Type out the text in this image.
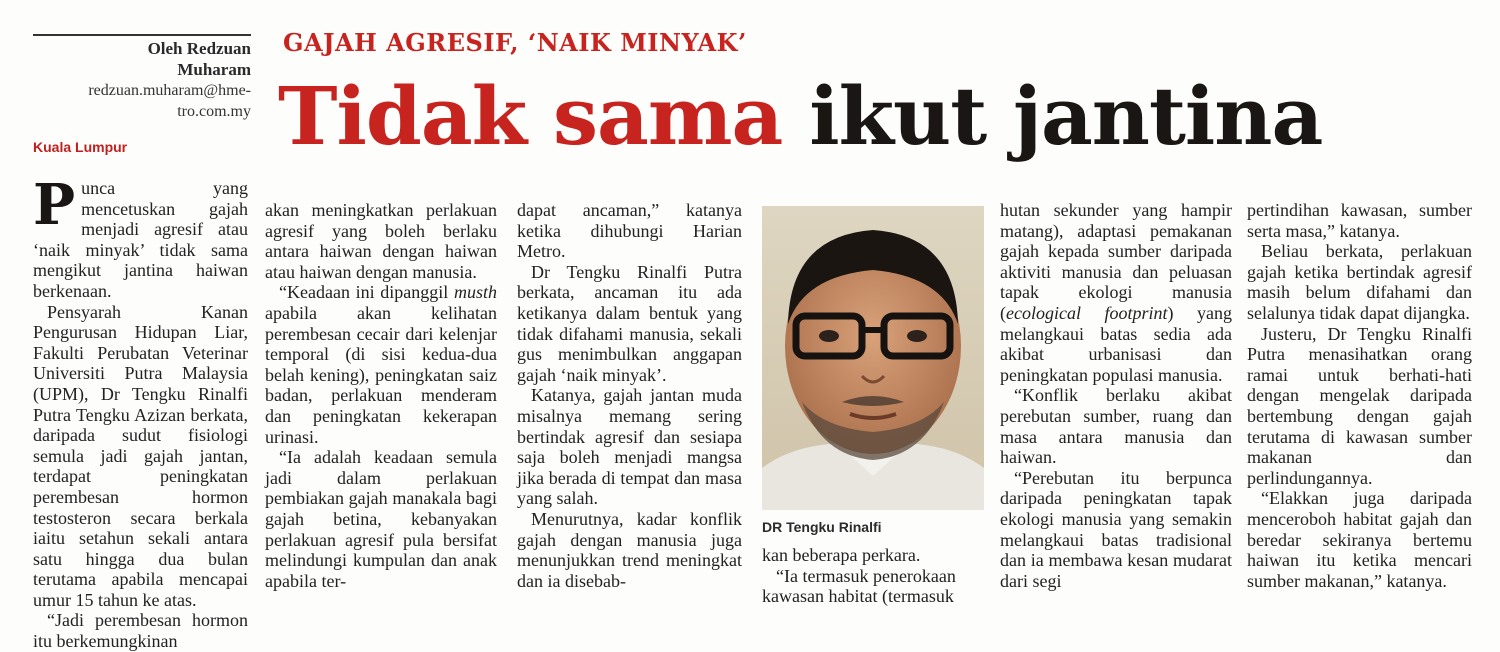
Oleh Redzuan
Muharam
redzuan.muharam@hme-
tro.com.my
Kuala Lumpur
GAJAH AGRESIF, ‘NAIK MINYAK’
Tidak sama ikut jantina

Punca yang mencetuskan gajah menjadi agresif atau ‘naik minyak’ tidak sama mengikut jantina haiwan berkenaan.

Pensyarah Kanan Pengurusan Hidupan Liar, Fakulti Perubatan Veterinar Universiti Putra Malaysia (UPM), Dr Tengku Rinalfi Putra Tengku Azizan berkata, daripada sudut fisiologi semula jadi gajah jantan, terdapat peningkatan perembesan hormon testosteron secara berkala iaitu setahun sekali antara satu hingga dua bulan terutama apabila mencapai umur 15 tahun ke atas.

“Jadi perembesan hormon itu berkemungkinan

akan meningkatkan perlakuan agresif yang boleh berlaku antara haiwan dengan haiwan atau haiwan dengan manusia.

“Keadaan ini dipanggil musth apabila akan kelihatan perembesan cecair dari kelenjar temporal (di sisi kedua-dua belah kening), peningkatan saiz badan, perlakuan menderam dan peningkatan kekerapan urinasi.

“Ia adalah keadaan semula jadi dalam perlakuan pembiakan gajah manakala bagi gajah betina, kebanyakan perlakuan agresif pula bersifat melindungi kumpulan dan anak apabila ter-

dapat ancaman,” katanya ketika dihubungi Harian Metro.

Dr Tengku Rinalfi Putra berkata, ancaman itu ada ketikanya dalam bentuk yang tidak difahami manusia, sekali gus menimbulkan anggapan gajah ‘naik minyak’.

Katanya, gajah jantan muda misalnya memang sering bertindak agresif dan sesiapa saja boleh menjadi mangsa jika berada di tempat dan masa yang salah.

Menurutnya, kadar konflik gajah dengan manusia juga menunjukkan trend meningkat dan ia disebab-

DR Tengku Rinalfi

kan beberapa perkara.

“Ia termasuk penerokaan kawasan habitat (termasuk

hutan sekunder yang hampir matang), adaptasi pemakanan gajah kepada sumber daripada aktiviti manusia dan peluasan tapak ekologi manusia (ecological footprint) yang melangkaui batas sedia ada akibat urbanisasi dan peningkatan populasi manusia.

“Konflik berlaku akibat perebutan sumber, ruang dan masa antara manusia dan haiwan.

“Perebutan itu berpunca daripada peningkatan tapak ekologi manusia yang semakin melangkaui batas tradisional dan ia membawa kesan mudarat dari segi

pertindihan kawasan, sumber serta masa,” katanya.

Beliau berkata, perlakuan gajah ketika bertindak agresif masih belum difahami dan selalunya tidak dapat dijangka.

Justeru, Dr Tengku Rinalfi Putra menasihatkan orang ramai untuk berhati-hati dengan mengelak daripada bertembung dengan gajah terutama di kawasan sumber makanan dan perlindungannya.

“Elakkan juga daripada menceroboh habitat gajah dan beredar sekiranya bertemu haiwan itu ketika mencari sumber makanan,” katanya.
